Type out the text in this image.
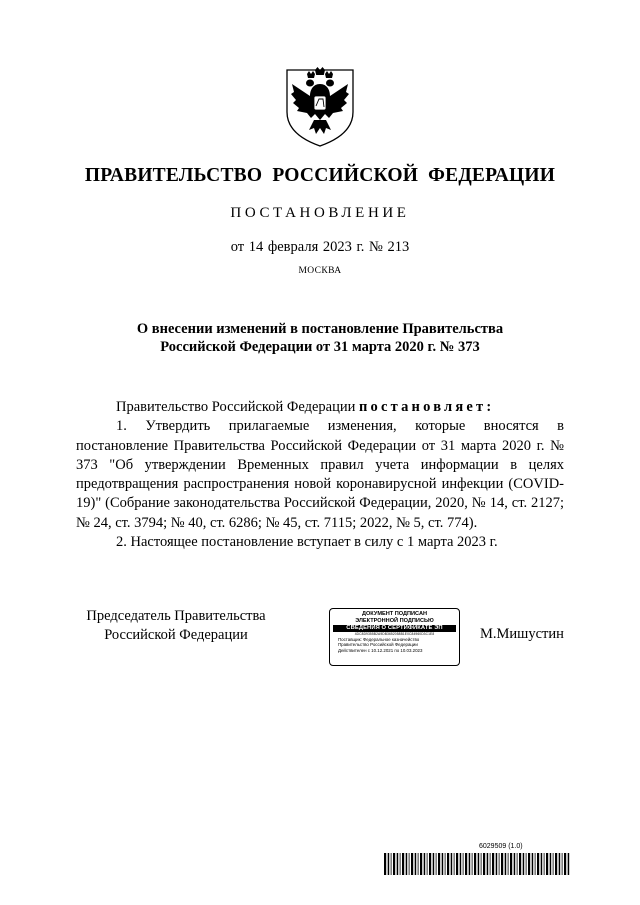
ПРАВИТЕЛЬСТВО РОССИЙСКОЙ ФЕДЕРАЦИИ
ПОСТАНОВЛЕНИЕ
от 14 февраля 2023 г. № 213
МОСКВА
О внесении изменений в постановление Правительства
Российской Федерации от 31 марта 2020 г. № 373

Правительство Российской Федерации постановляет:

1. Утвердить прилагаемые изменения, которые вносятся в постановление Правительства Российской Федерации от 31 марта 2020 г. № 373 "Об утверждении Временных правил учета информации в целях предотвращения распространения новой коронавирусной инфекции (COVID-19)" (Собрание законодательства Российской Федерации, 2020, № 14, ст. 2127; № 24, ст. 3794; № 40, ст. 6286; № 45, ст. 7115; 2022, № 5, ст. 774).

2. Настоящее постановление вступает в силу с 1 марта 2023 г.

Председатель Правительства
Российской Федерации
ДОКУМЕНТ ПОДПИСАН
ЭЛЕКТРОННОЙ ПОДПИСЬЮ
СВЕДЕНИЯ О СЕРТИФИКАТЕ ЭП
4DC8D9355B2A9DB3652058B1E0C84960D3C1E8
Поставщик: Федеральное казначейство
Правительство Российской Федерации
Действителен с 10.12.2021 по 10.03.2023
М.Мишустин
6029509 (1.0)
